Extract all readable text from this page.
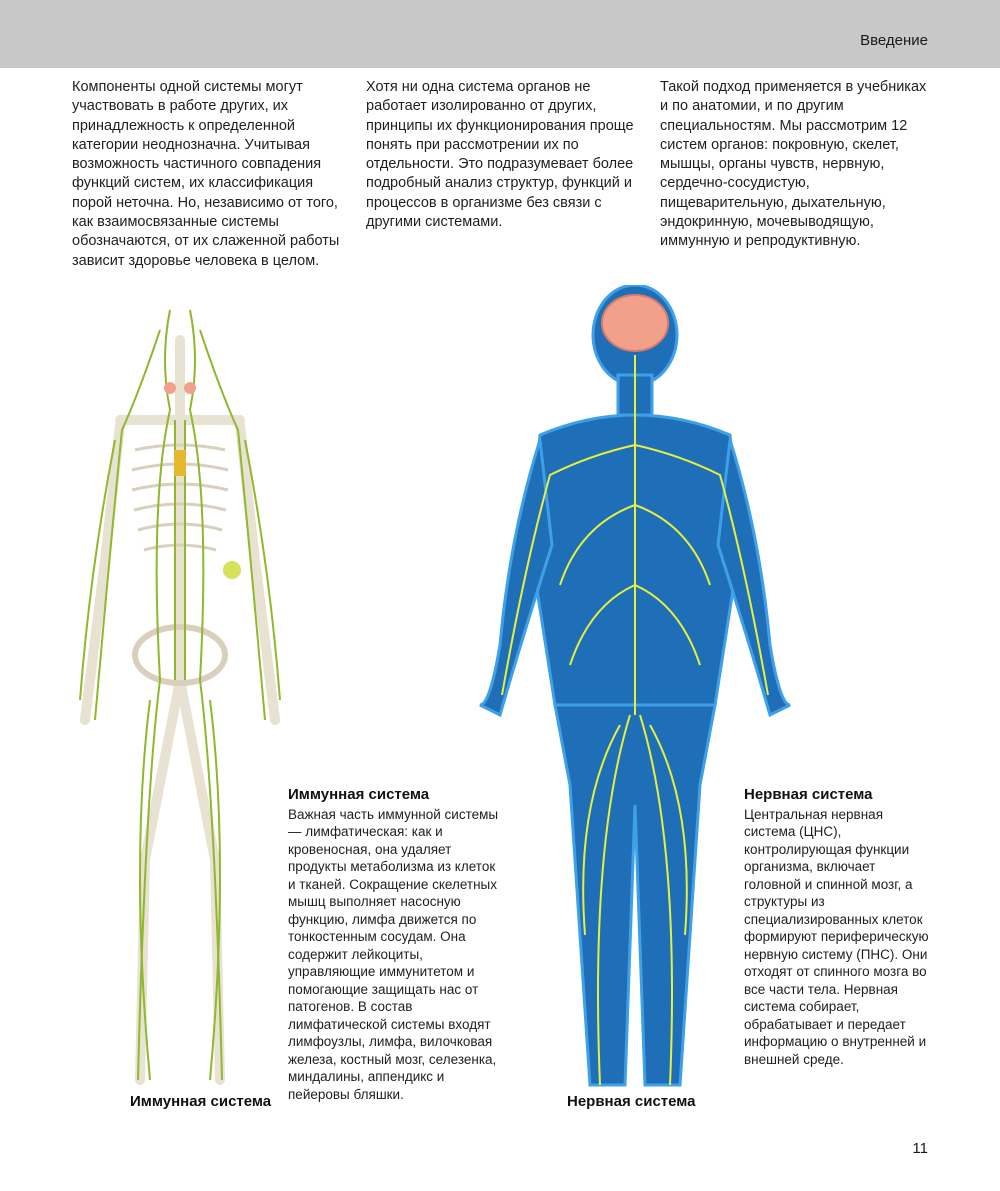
Введение

Компоненты одной системы могут участвовать в работе других, их принадлежность к определенной категории неоднозначна. Учитывая возможность частичного совпадения функций систем, их классификация порой неточна. Но, независимо от того, как взаимосвязанные системы обозначаются, от их слаженной работы зависит здоровье человека в целом.

Хотя ни одна система органов не работает изолированно от других, принципы их функционирования проще понять при рассмотрении их по отдельности. Это подразумевает более подробный анализ структур, функций и процессов в организме без связи с другими системами.

Такой подход применяется в учебниках и по анатомии, и по другим специальностям. Мы рассмотрим 12 систем органов: покровную, скелет, мышцы, органы чувств, нервную, сердечно-сосудистую, пищеварительную, дыхательную, эндокринную, мочевыводящую, иммунную и репродуктивную.

Иммунная система

Важная часть иммунной системы — лимфатическая: как и кровеносная, она удаляет продукты метаболизма из клеток и тканей. Сокращение скелетных мышц выполняет насосную функцию, лимфа движется по тонкостенным сосудам. Она содержит лейкоциты, управляющие иммунитетом и помогающие защищать нас от патогенов. В состав лимфатической системы входят лимфоузлы, лимфа, вилочковая железа, костный мозг, селезенка, миндалины, аппендикс и пейеровы бляшки.

Нервная система

Центральная нервная система (ЦНС), контролирующая функции организма, включает головной и спинной мозг, а структуры из специализированных клеток формируют периферическую нервную систему (ПНС). Они отходят от спинного мозга во все части тела. Нервная система собирает, обрабатывает и передает информацию о внутренней и внешней среде.

Иммунная система	Нервная система
11
